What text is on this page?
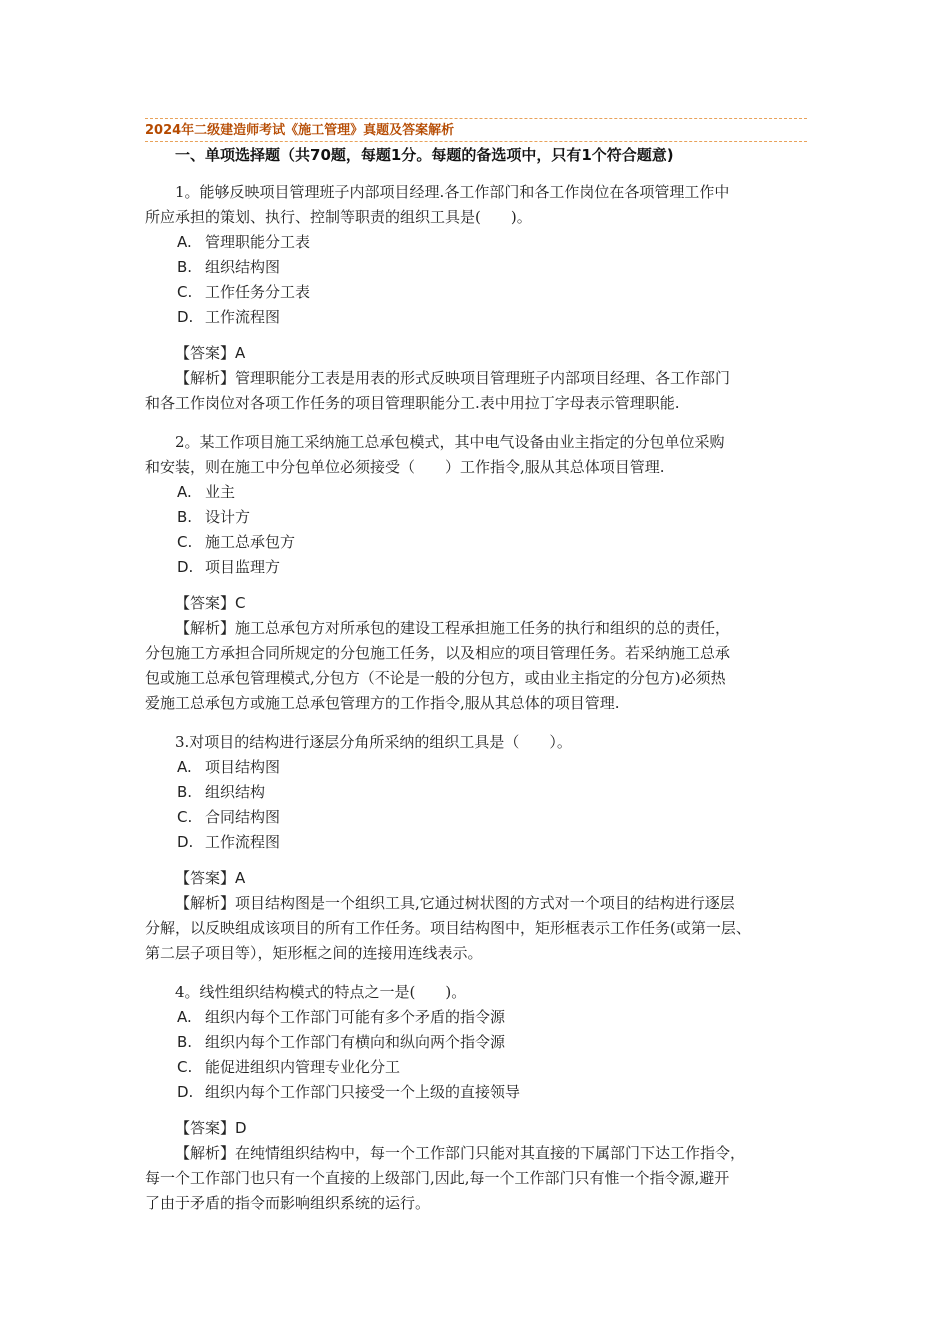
2024年二级建造师考试《施工管理》真题及答案解析
一、单项选择题（共70题，每题1分。每题的备选项中，只有1个符合题意)
1。能够反映项目管理班子内部项目经理.各工作部门和各工作岗位在各项管理工作中
所应承担的策划、执行、控制等职责的组织工具是(　　)。
A. 管理职能分工表
B. 组织结构图
C. 工作任务分工表
D. 工作流程图
【答案】A
【解析】管理职能分工表是用表的形式反映项目管理班子内部项目经理、各工作部门
和各工作岗位对各项工作任务的项目管理职能分工.表中用拉丁字母表示管理职能.
2。某工作项目施工采纳施工总承包模式，其中电气设备由业主指定的分包单位采购
和安装，则在施工中分包单位必须接受（　　）工作指令,服从其总体项目管理.
A. 业主
B. 设计方
C. 施工总承包方
D. 项目监理方
【答案】C
【解析】施工总承包方对所承包的建设工程承担施工任务的执行和组织的总的责任，
分包施工方承担合同所规定的分包施工任务，以及相应的项目管理任务。若采纳施工总承
包或施工总承包管理模式,分包方（不论是一般的分包方，或由业主指定的分包方)必须热
爱施工总承包方或施工总承包管理方的工作指令,服从其总体的项目管理.
3.对项目的结构进行逐层分角所采纳的组织工具是（　　）。
A. 项目结构图
B. 组织结构
C. 合同结构图
D. 工作流程图
【答案】A
【解析】项目结构图是一个组织工具,它通过树状图的方式对一个项目的结构进行逐层
分解，以反映组成该项目的所有工作任务。项目结构图中，矩形框表示工作任务(或第一层、
第二层子项目等），矩形框之间的连接用连线表示。
4。线性组织结构模式的特点之一是(　　)。
A. 组织内每个工作部门可能有多个矛盾的指令源
B. 组织内每个工作部门有横向和纵向两个指令源
C. 能促进组织内管理专业化分工
D. 组织内每个工作部门只接受一个上级的直接领导
【答案】D
【解析】在纯情组织结构中，每一个工作部门只能对其直接的下属部门下达工作指令，
每一个工作部门也只有一个直接的上级部门,因此,每一个工作部门只有惟一个指令源,避开
了由于矛盾的指令而影响组织系统的运行。
